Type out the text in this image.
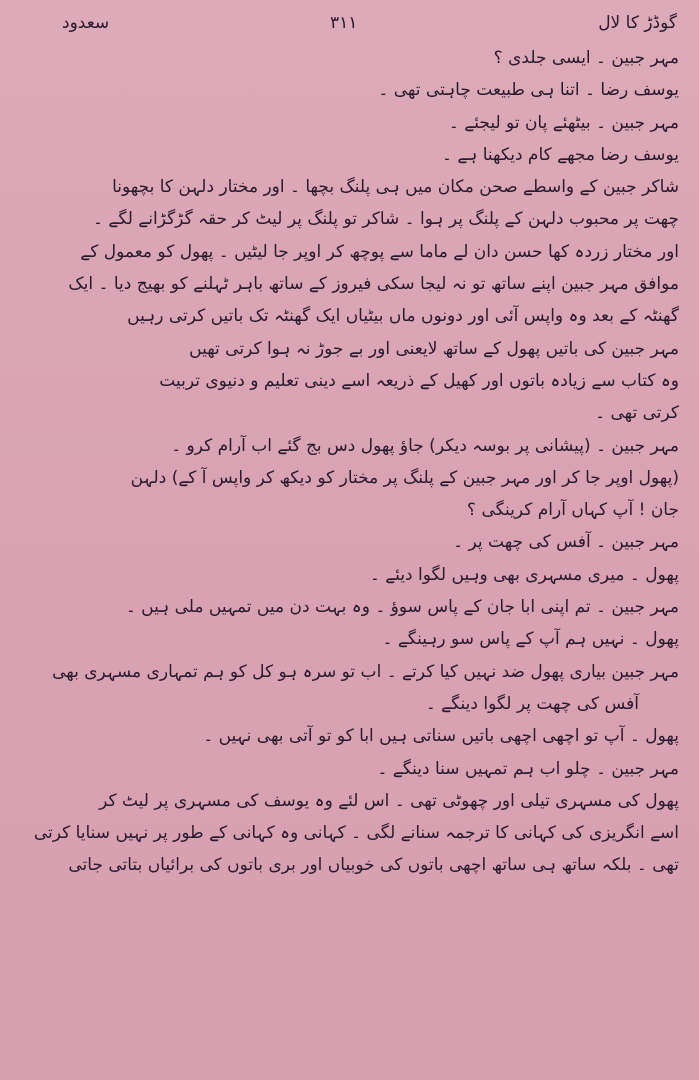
گوڈڑ کا لال
۳۱۱
سعدود
مہر جبین ۔ ایسی جلدی ؟
یوسف رضا ۔ اتنا ہی طبیعت چاہتی تھی ۔
مہر جبین ۔ بیٹھئے پان تو لیجئے ۔
یوسف رضا مجھے کام دیکھنا ہے ۔
شاکر جبین کے واسطے صحن مکان میں ہی پلنگ بچھا ۔ اور مختار دلہن کا بچھونا
چھت پر محبوب دلہن کے پلنگ پر ہوا ۔ شاکر تو پلنگ پر لیٹ کر حقہ گڑگڑانے لگے ۔
اور مختار زردہ کھا حسن دان لے ماما سے پوچھ کر اوپر جا لیٹیں ۔ پھول کو معمول کے
موافق مہر جبین اپنے ساتھ تو نہ لیجا سکی فیروز کے ساتھ باہر ٹہلنے کو بھیج دیا ۔ ایک
گھنٹہ کے بعد وہ واپس آئی اور دونوں ماں بیٹیاں ایک گھنٹہ تک باتیں کرتی رہیں
مہر جبین کی باتیں پھول کے ساتھ لایعنی اور بے جوڑ نہ ہوا کرتی تھیں
وہ کتاب سے زیادہ باتوں اور کھیل کے ذریعہ اسے دینی تعلیم و دنیوی تربیت
کرتی تھی ۔
مہر جبین ۔ (پیشانی پر بوسہ دیکر) جاؤ پھول دس بج گئے اب آرام کرو ۔
(پھول اوپر جا کر اور مہر جبین کے پلنگ پر مختار کو دیکھ کر واپس آ کے) دلہن
جان ! آپ کہاں آرام کرینگی ؟
مہر جبین ۔ آفس کی چھت پر ۔
پھول ۔ میری مسہری بھی وہیں لگوا دیئے ۔
مہر جبین ۔ تم اپنی ابا جان کے پاس سوؤ ۔ وہ بہت دن میں تمہیں ملی ہیں ۔
پھول ۔ نہیں ہم آپ کے پاس سو رہینگے ۔
مہر جبین بیاری پھول ضد نہیں کیا کرتے ۔ اب تو سرہ ہو کل کو ہم تمہاری مسہری بھی
آفس کی چھت پر لگوا دینگے ۔
پھول ۔ آپ تو اچھی اچھی باتیں سناتی ہیں ابا کو تو آتی بھی نہیں ۔
مہر جبین ۔ چلو اب ہم تمہیں سنا دینگے ۔
پھول کی مسہری تیلی اور چھوٹی تھی ۔ اس لئے وہ یوسف کی مسہری پر لیٹ کر
اسے انگریزی کی کہانی کا ترجمہ سنانے لگی ۔ کہانی وہ کہانی کے طور پر نہیں سنایا کرتی
تھی ۔ بلکہ ساتھ ہی ساتھ اچھی باتوں کی خوبیاں اور بری باتوں کی برائیاں بتاتی جاتی
